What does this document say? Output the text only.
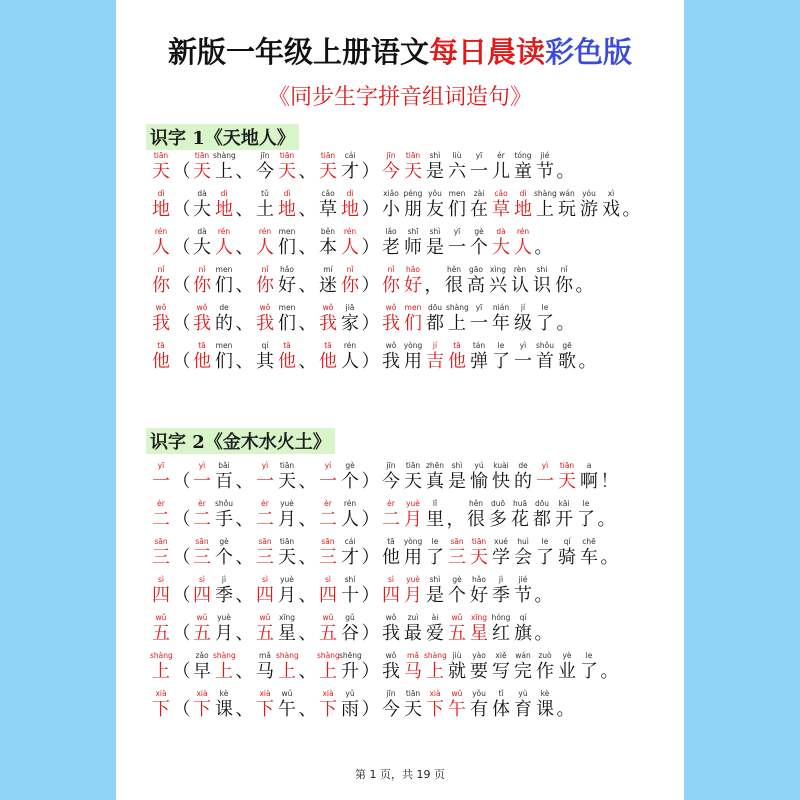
新版一年级上册语文每日晨读彩色版
《同步生字拼音组词造句》
识字 1《天地人》
tiān
天 （
tiān
天
shàng
上 、
jīn
今
tiān
天 、
tiān
天
cái
才 ）
jīn
今
tiān
天
shì
是
liù
六
yī
一
ér
儿
tóng
童
jié
节 。
dì
地 （
dà
大
dì
地 、
tǔ
土
dì
地 、
cǎo
草
dì
地 ）
xiǎo
小
péng
朋
yǒu
友
men
们
zài
在
cǎo
草
dì
地
shàng
上
wán
玩
yóu
游
xì
戏 。
rén
人 （
dà
大
rén
人 、
rén
人
men
们 、
běn
本
rén
人 ）
lǎo
老
shī
师
shì
是
yī
一
gè
个
dà
大
rén
人 。
nǐ
你 （
nǐ
你
men
们 、
nǐ
你
hǎo
好 、
mí
迷
nǐ
你 ）
nǐ
你
hǎo
好 ，
hěn
很
gāo
高
xìng
兴
rèn
认
shi
识
nǐ
你 。
wǒ
我 （
wǒ
我
de
的 、
wǒ
我
men
们 、
wǒ
我
jiā
家 ）
wǒ
我
men
们
dōu
都
shàng
上
yī
一
nián
年
jí
级
le
了 。
tā
他 （
tā
他
men
们 、
qí
其
tā
他 、
tā
他
rén
人 ）
wǒ
我
yòng
用
jí
吉
tā
他
tán
弹
le
了
yì
一
shǒu
首
gē
歌 。
识字 2《金木水火土》
yī
一 （
yì
一
bǎi
百 、
yì
一
tiān
天 、
yí
一
gè
个 ）
jīn
今
tiān
天
zhēn
真
shì
是
yú
愉
kuài
快
de
的
yì
一
tiān
天
a
啊 ！
èr
二 （
èr
二
shǒu
手 、
èr
二
yuè
月 、
èr
二
rén
人 ）
èr
二
yuè
月
lǐ
里 ，
hěn
很
duō
多
huā
花
dōu
都
kāi
开
le
了 。
sān
三 （
sān
三
gè
个 、
sān
三
tiān
天 、
sān
三
cái
才 ）
tā
他
yòng
用
le
了
sān
三
tiān
天
xué
学
huì
会
le
了
qí
骑
chē
车 。
sì
四 （
sì
四
jì
季 、
sì
四
yuè
月 、
sì
四
shí
十 ）
sì
四
yuè
月
shì
是
gè
个
hǎo
好
jì
季
jié
节 。
wǔ
五 （
wǔ
五
yuè
月 、
wǔ
五
xīng
星 、
wǔ
五
gǔ
谷 ）
wǒ
我
zuì
最
ài
爱
wǔ
五
xīng
星
hóng
红
qí
旗 。
shàng
上 （
zǎo
早
shàng
上 、
mǎ
马
shàng
上 、
shàng
上
shēng
升 ）
wǒ
我
mǎ
马
shàng
上
jiù
就
yào
要
xiě
写
wán
完
zuò
作
yè
业
le
了 。
xià
下 （
xià
下
kè
课 、
xià
下
wǔ
午 、
xià
下
yǔ
雨 ）
jīn
今
tiān
天
xià
下
wǔ
午
yǒu
有
tǐ
体
yù
育
kè
课 。
第 1 页，共 19 页
